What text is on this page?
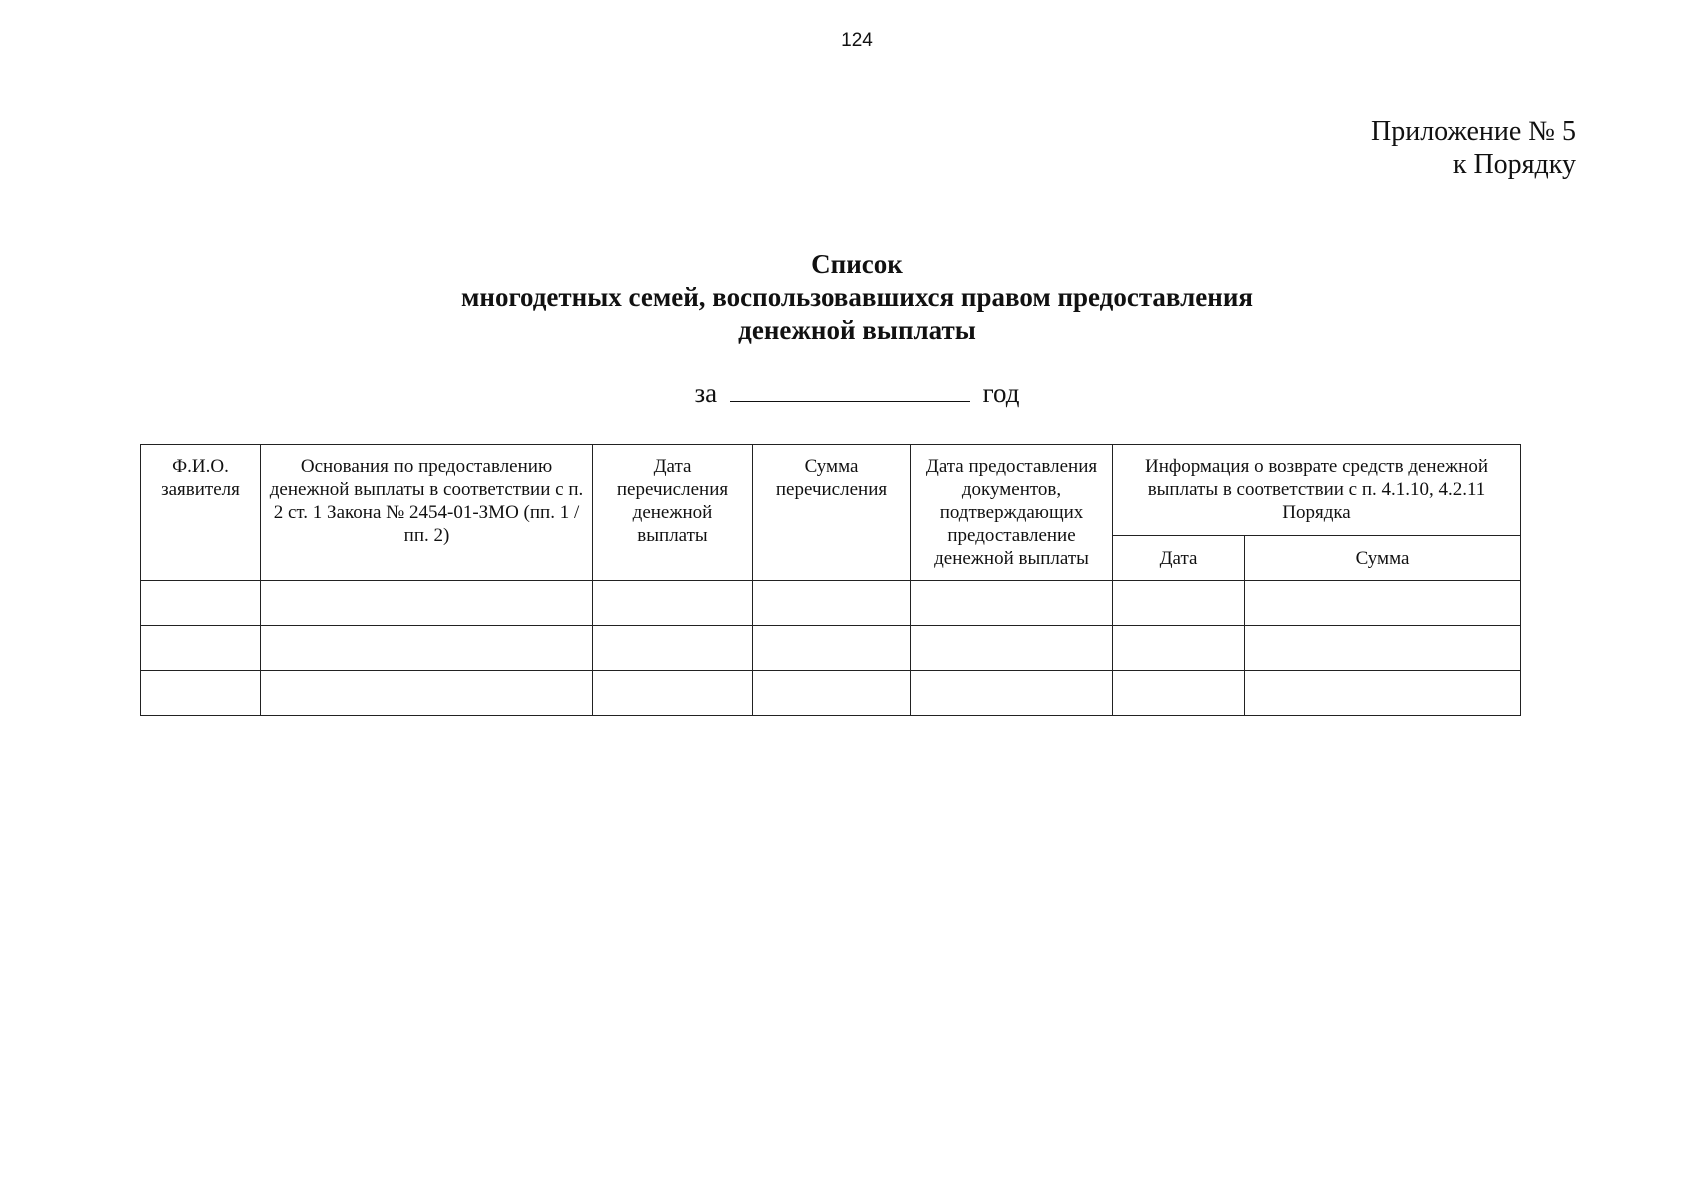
124
Приложение № 5
к Порядку
Список
многодетных семей, воспользовавшихся правом предоставления
денежной выплаты
за	год
Ф.И.О. заявителя	Основания по предоставлению денежной выплаты в соответствии с п. 2 ст. 1 Закона № 2454-01-ЗМО (пп. 1 / пп. 2)	Дата перечисления денежной выплаты	Сумма перечисления	Дата предоставления документов, подтверждающих предоставление денежной выплаты	Информация о возврате средств денежной выплаты в соответствии с п. 4.1.10, 4.2.11 Порядка	
					Дата	Сумма
